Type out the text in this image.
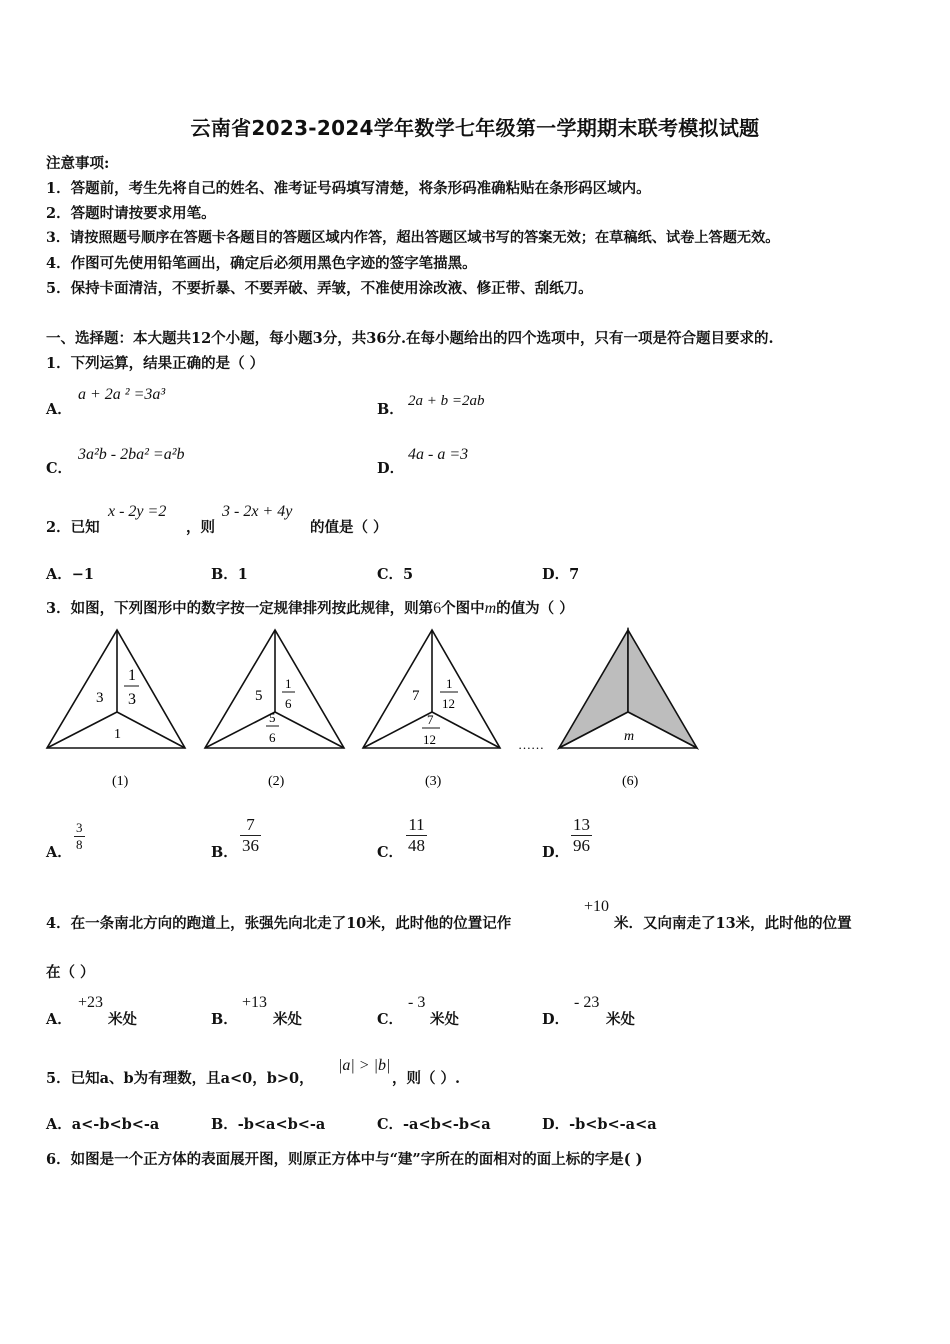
云南省2023-2024学年数学七年级第一学期期末联考模拟试题
注意事项:
1．答题前，考生先将自己的姓名、准考证号码填写清楚，将条形码准确粘贴在条形码区域内。
2．答题时请按要求用笔。
3．请按照题号顺序在答题卡各题目的答题区域内作答，超出答题区域书写的答案无效；在草稿纸、试卷上答题无效。
4．作图可先使用铅笔画出，确定后必须用黑色字迹的签字笔描黑。
5．保持卡面清洁，不要折暴、不要弄破、弄皱，不准使用涂改液、修正带、刮纸刀。
一、选择题：本大题共12个小题，每小题3分，共36分.在每小题给出的四个选项中，只有一项是符合题目要求的.
1．下列运算，结果正确的是（ ）
A．
a + 2a ² =3a³
B． 2a + b =2ab
C．
3a²b - 2ba² =a²b
D．
4a - a =3
2．已知
x - 2y =2
，则
3 - 2x + 4y
的值是（ ）
A．−1	B．1	C．5	D．7
3．如图，下列图形中的数字按一定规律排列按此规律，则第6个图中m的值为（ ）
3
1
3
1
(1)
5
1
6
5
6
(2)
7
1
12
7
12
(3)
……
m
(6)
A． $\frac{3}{8}$	B． $\frac{7}{36}$	C． $\frac{11}{48}$	D． $\frac{13}{96}$
4．在一条南北方向的跑道上，张强先向北走了10米，此时他的位置记作
+10
米．又向南走了13米，此时他的位置
在（ ）
A．
+23
米处	B．
+13
米处	C．
- 3
米处	D．
- 23
米处
5．已知a、b为有理数，且a<0，b>0，
|a| > |b|
，则（ ）.
A．a<-b<b<-a	B．-b<a<b<-a	C．-a<b<-b<a	D．-b<b<-a<a
6．如图是一个正方体的表面展开图，则原正方体中与“建”字所在的面相对的面上标的字是( )
